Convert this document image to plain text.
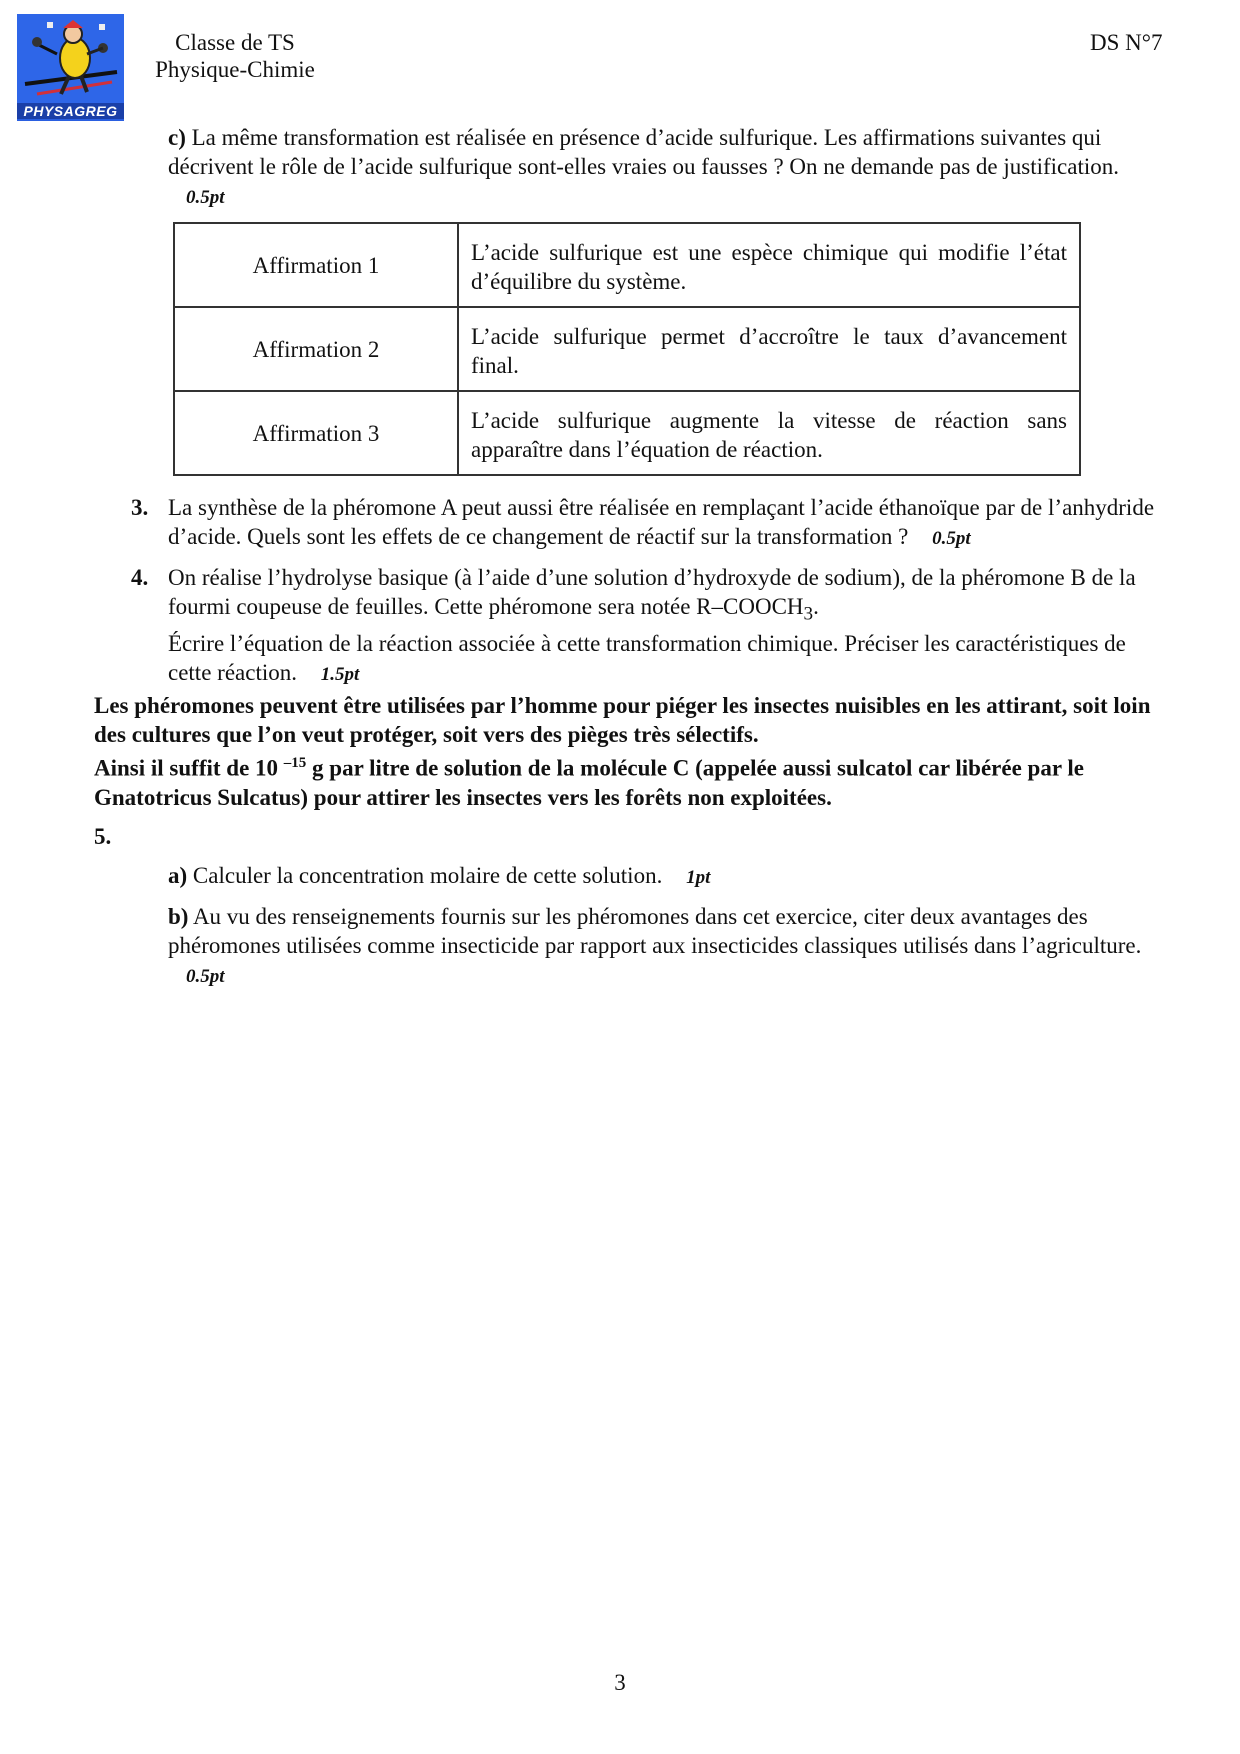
PHYSAGREG
Classe de TS
Physique-Chimie
DS N°7
c) La même transformation est réalisée en présence d’acide sulfurique. Les affirmations suivantes qui décrivent le rôle de l’acide sulfurique sont-elles vraies ou fausses ? On ne demande pas de justification. 0.5pt
Affirmation 1	L’acide sulfurique est une espèce chimique qui modifie l’état d’équilibre du système.
Affirmation 2	L’acide sulfurique permet d’accroître le taux d’avancement final.
Affirmation 3	L’acide sulfurique augmente la vitesse de réaction sans apparaître dans l’équation de réaction.
3. La synthèse de la phéromone A peut aussi être réalisée en remplaçant l’acide éthanoïque par de l’anhydride d’acide. Quels sont les effets de ce changement de réactif sur la transformation ? 0.5pt
4. On réalise l’hydrolyse basique (à l’aide d’une solution d’hydroxyde de sodium), de la phéromone B de la fourmi coupeuse de feuilles. Cette phéromone sera notée $R-COOCH_3$.
Écrire l’équation de la réaction associée à cette transformation chimique. Préciser les caractéristiques de cette réaction. 1.5pt
Les phéromones peuvent être utilisées par l’homme pour piéger les insectes nuisibles en les attirant, soit loin des cultures que l’on veut protéger, soit vers des pièges très sélectifs.
Ainsi il suffit de 10 $^{-15}$ g par litre de solution de la molécule C (appelée aussi sulcatol car libérée par le Gnatotricus Sulcatus) pour attirer les insectes vers les forêts non exploitées.
5.
a) Calculer la concentration molaire de cette solution. 1pt
b) Au vu des renseignements fournis sur les phéromones dans cet exercice, citer deux avantages des phéromones utilisées comme insecticide par rapport aux insecticides classiques utilisés dans l’agriculture. 0.5pt
3
